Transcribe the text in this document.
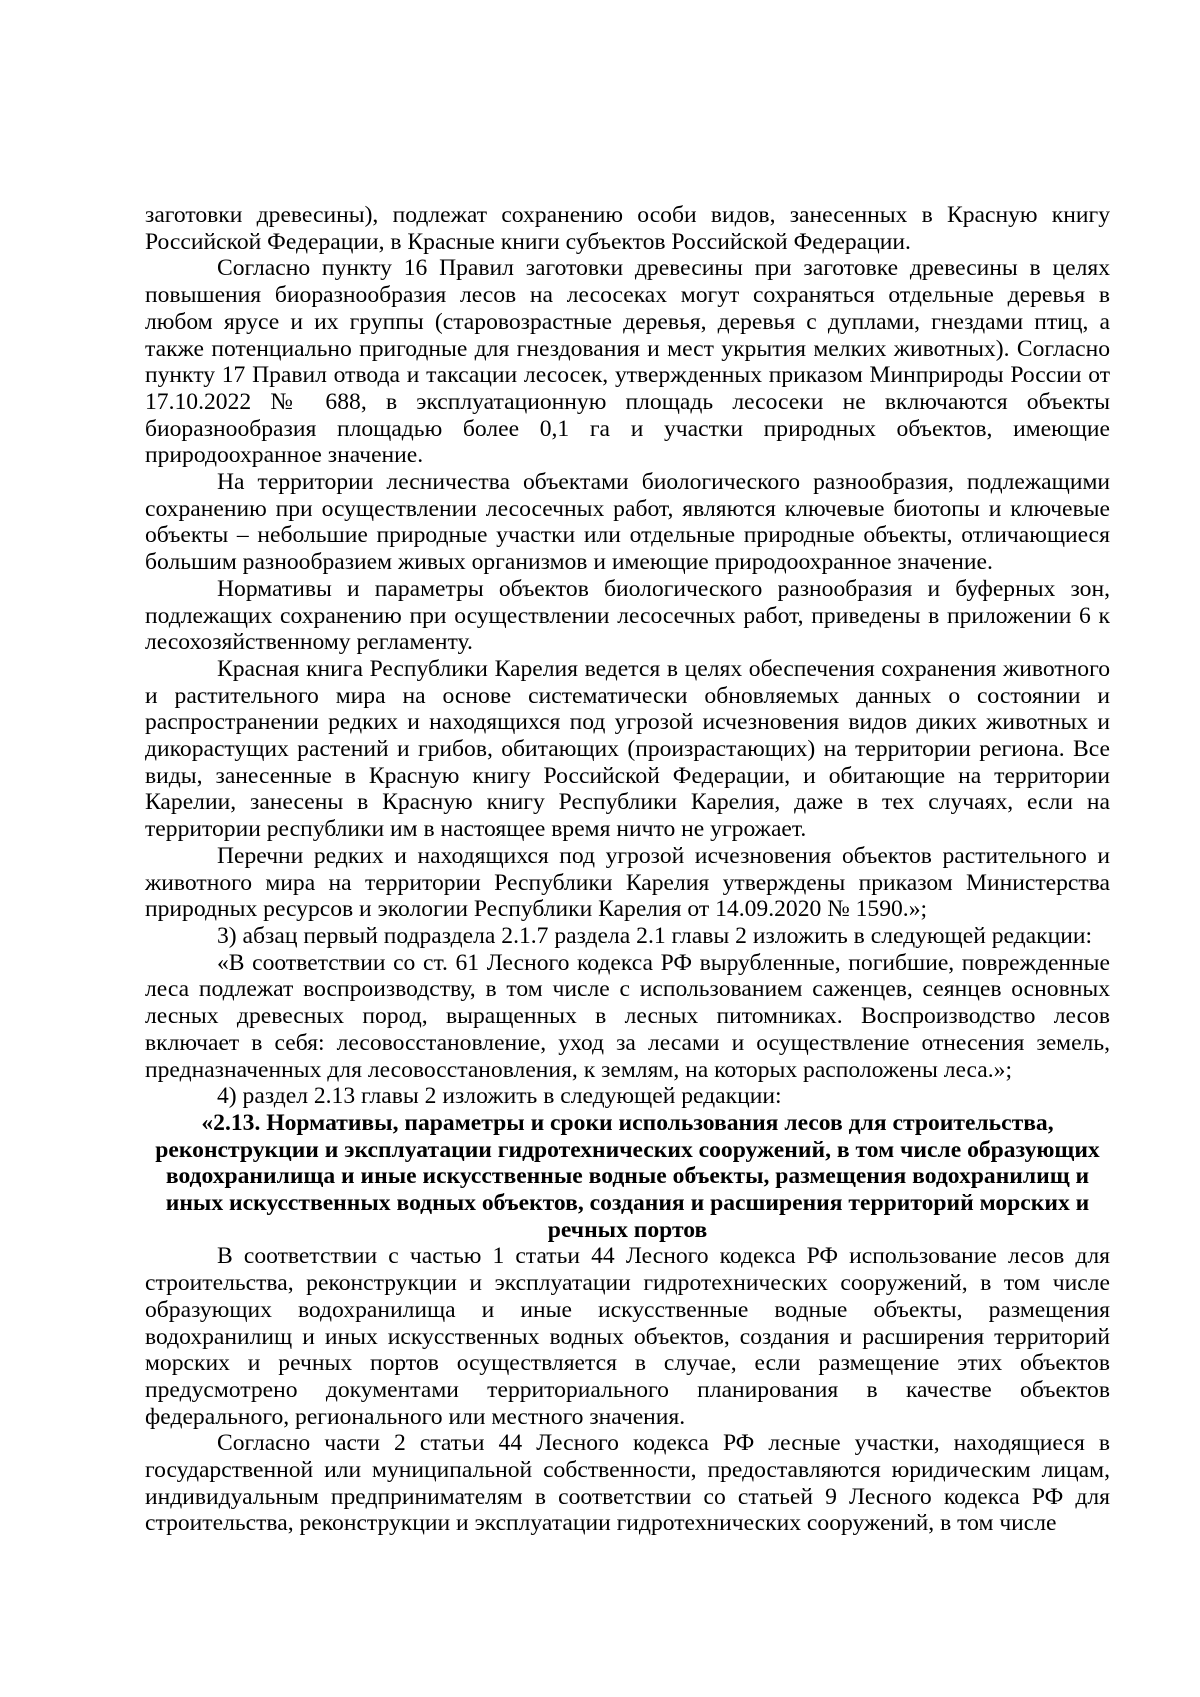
заготовки древесины), подлежат сохранению особи видов, занесенных в Красную книгу Российской Федерации, в Красные книги субъектов Российской Федерации.

Согласно пункту 16 Правил заготовки древесины при заготовке древесины в целях повышения биоразнообразия лесов на лесосеках могут сохраняться отдельные деревья в любом ярусе и их группы (старовозрастные деревья, деревья с дуплами, гнездами птиц, а также потенциально пригодные для гнездования и мест укрытия мелких животных). Согласно пункту 17 Правил отвода и таксации лесосек, утвержденных приказом Минприроды России от 17.10.2022 № 688, в эксплуатационную площадь лесосеки не включаются объекты биоразнообразия площадью более 0,1 га и участки природных объектов, имеющие природоохранное значение.

На территории лесничества объектами биологического разнообразия, подлежащими сохранению при осуществлении лесосечных работ, являются ключевые биотопы и ключевые объекты – небольшие природные участки или отдельные природные объекты, отличающиеся большим разнообразием живых организмов и имеющие природоохранное значение.

Нормативы и параметры объектов биологического разнообразия и буферных зон, подлежащих сохранению при осуществлении лесосечных работ, приведены в приложении 6 к лесохозяйственному регламенту.

Красная книга Республики Карелия ведется в целях обеспечения сохранения животного и растительного мира на основе систематически обновляемых данных о состоянии и распространении редких и находящихся под угрозой исчезновения видов диких животных и дикорастущих растений и грибов, обитающих (произрастающих) на территории региона. Все виды, занесенные в Красную книгу Российской Федерации, и обитающие на территории Карелии, занесены в Красную книгу Республики Карелия, даже в тех случаях, если на территории республики им в настоящее время ничто не угрожает.

Перечни редких и находящихся под угрозой исчезновения объектов растительного и животного мира на территории Республики Карелия утверждены приказом Министерства природных ресурсов и экологии Республики Карелия от 14.09.2020 № 1590.»;

3) абзац первый подраздела 2.1.7 раздела 2.1 главы 2 изложить в следующей редакции:

«В соответствии со ст. 61 Лесного кодекса РФ вырубленные, погибшие, поврежденные леса подлежат воспроизводству, в том числе с использованием саженцев, сеянцев основных лесных древесных пород, выращенных в лесных питомниках. Воспроизводство лесов включает в себя: лесовосстановление, уход за лесами и осуществление отнесения земель, предназначенных для лесовосстановления, к землям, на которых расположены леса.»;

4) раздел 2.13 главы 2 изложить в следующей редакции:

«2.13. Нормативы, параметры и сроки использования лесов для строительства, реконструкции и эксплуатации гидротехнических сооружений, в том числе образующих водохранилища и иные искусственные водные объекты, размещения водохранилищ и иных искусственных водных объектов, создания и расширения территорий морских и речных портов

В соответствии с частью 1 статьи 44 Лесного кодекса РФ использование лесов для строительства, реконструкции и эксплуатации гидротехнических сооружений, в том числе образующих водохранилища и иные искусственные водные объекты, размещения водохранилищ и иных искусственных водных объектов, создания и расширения территорий морских и речных портов осуществляется в случае, если размещение этих объектов предусмотрено документами территориального планирования в качестве объектов федерального, регионального или местного значения.

Согласно части 2 статьи 44 Лесного кодекса РФ лесные участки, находящиеся в государственной или муниципальной собственности, предоставляются юридическим лицам, индивидуальным предпринимателям в соответствии со статьей 9 Лесного кодекса РФ для строительства, реконструкции и эксплуатации гидротехнических сооружений, в том числе
